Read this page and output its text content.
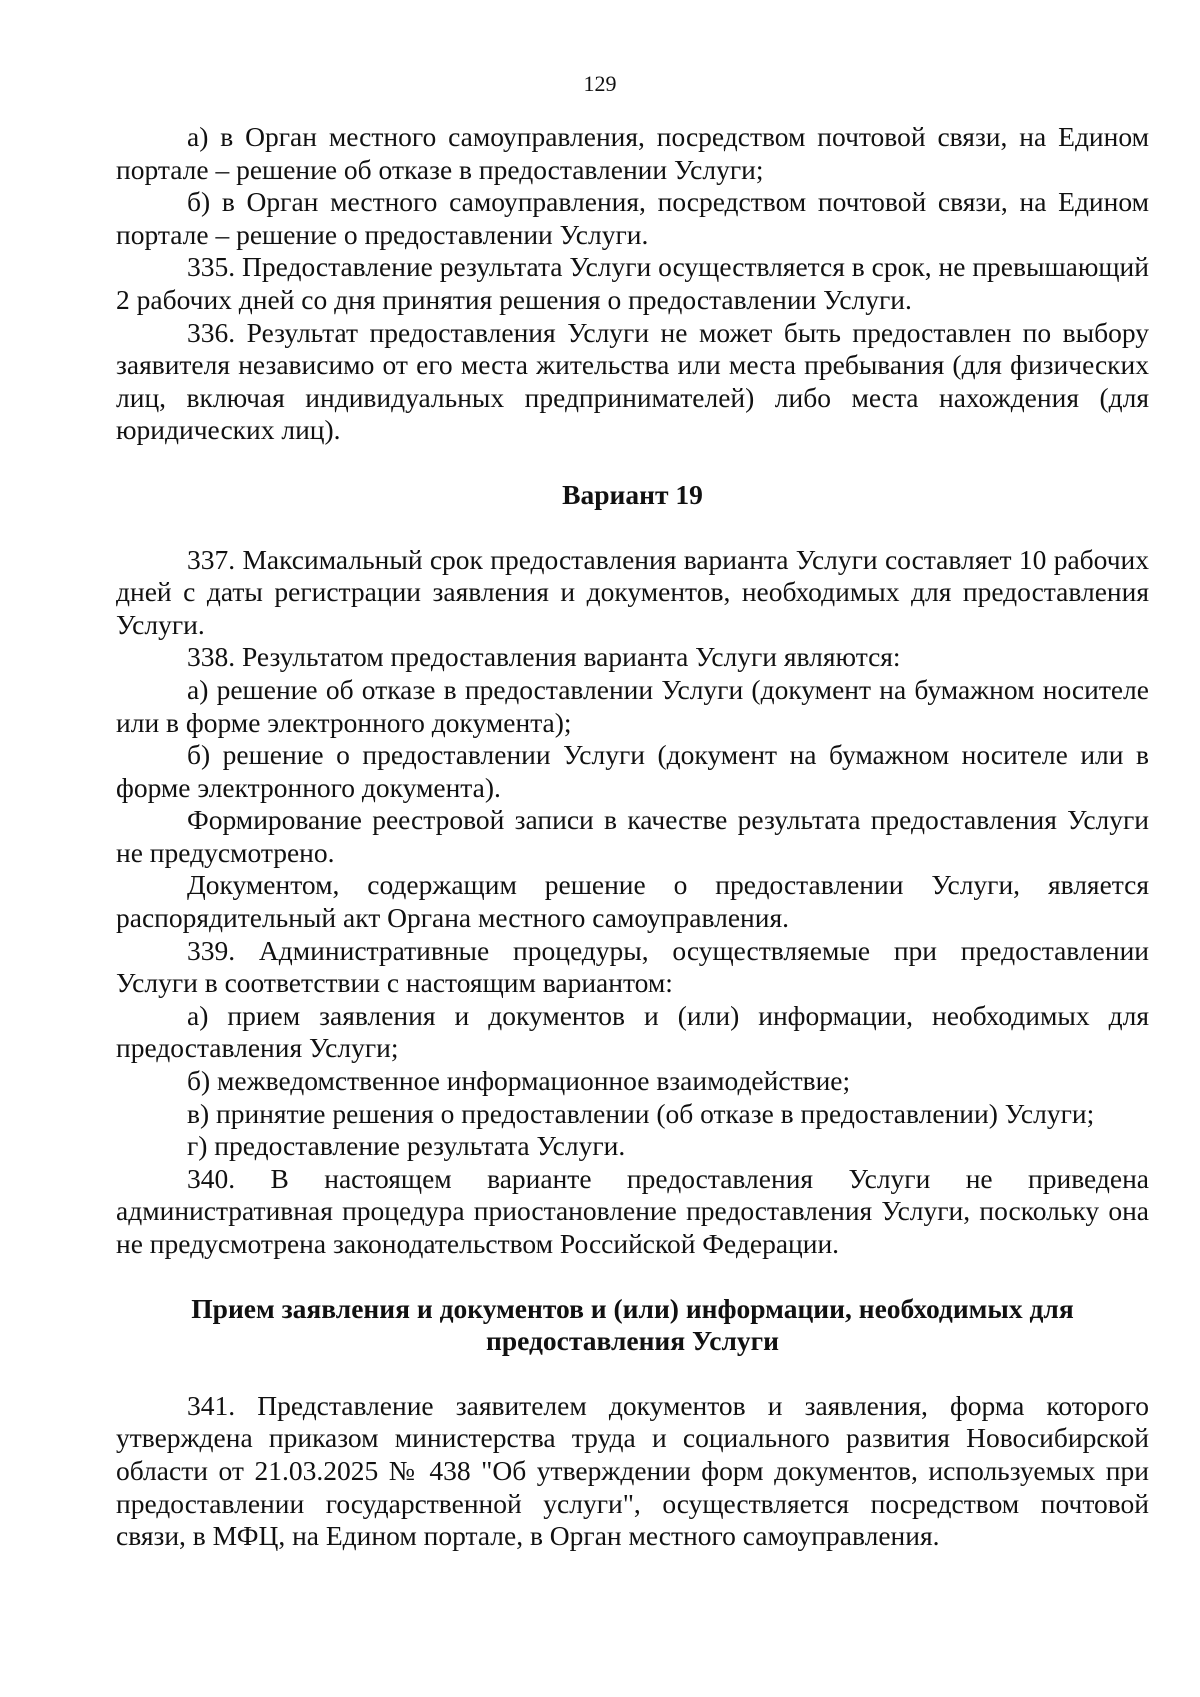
129

а) в Орган местного самоуправления, посредством почтовой связи, на Едином портале – решение об отказе в предоставлении Услуги;

б) в Орган местного самоуправления, посредством почтовой связи, на Едином портале – решение о предоставлении Услуги.

335. Предоставление результата Услуги осуществляется в срок, не превышающий 2 рабочих дней со дня принятия решения о предоставлении Услуги.

336. Результат предоставления Услуги не может быть предоставлен по выбору заявителя независимо от его места жительства или места пребывания (для физических лиц, включая индивидуальных предпринимателей) либо места нахождения (для юридических лиц).

Вариант 19

337. Максимальный срок предоставления варианта Услуги составляет 10 рабочих дней с даты регистрации заявления и документов, необходимых для предоставления Услуги.

338. Результатом предоставления варианта Услуги являются:

а) решение об отказе в предоставлении Услуги (документ на бумажном носителе или в форме электронного документа);

б) решение о предоставлении Услуги (документ на бумажном носителе или в форме электронного документа).

Формирование реестровой записи в качестве результата предоставления Услуги не предусмотрено.

Документом, содержащим решение о предоставлении Услуги, является распорядительный акт Органа местного самоуправления.

339. Административные процедуры, осуществляемые при предоставлении Услуги в соответствии с настоящим вариантом:

а) прием заявления и документов и (или) информации, необходимых для предоставления Услуги;

б) межведомственное информационное взаимодействие;

в) принятие решения о предоставлении (об отказе в предоставлении) Услуги;

г) предоставление результата Услуги.

340. В настоящем варианте предоставления Услуги не приведена административная процедура приостановление предоставления Услуги, поскольку она не предусмотрена законодательством Российской Федерации.

Прием заявления и документов и (или) информации, необходимых для
предоставления Услуги

341. Представление заявителем документов и заявления, форма которого утверждена приказом министерства труда и социального развития Новосибирской области от 21.03.2025 № 438 "Об утверждении форм документов, используемых при предоставлении государственной услуги", осуществляется посредством почтовой связи, в МФЦ, на Едином портале, в Орган местного самоуправления.
